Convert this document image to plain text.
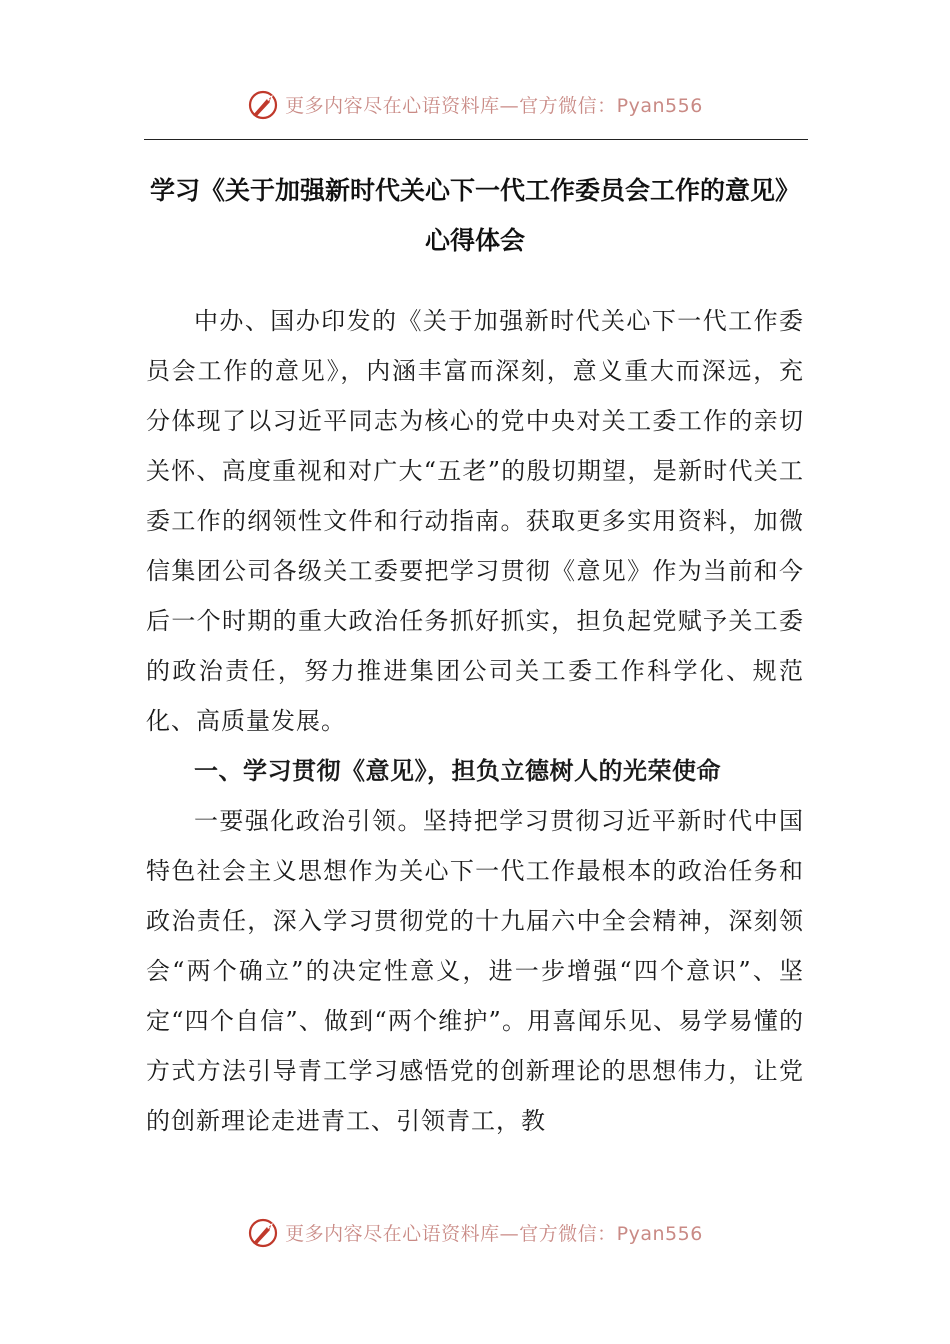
更多内容尽在心语资料库—官方微信：Pyan556
学习《关于加强新时代关心下一代工作委员会工作的意见》心得体会

中办、国办印发的《关于加强新时代关心下一代工作委员会工作的意见》，内涵丰富而深刻，意义重大而深远，充分体现了以习近平同志为核心的党中央对关工委工作的亲切关怀、高度重视和对广大“五老”的殷切期望，是新时代关工委工作的纲领性文件和行动指南。获取更多实用资料，加微信集团公司各级关工委要把学习贯彻《意见》作为当前和今后一个时期的重大政治任务抓好抓实，担负起党赋予关工委的政治责任，努力推进集团公司关工委工作科学化、规范化、高质量发展。

一、学习贯彻《意见》，担负立德树人的光荣使命

一要强化政治引领。坚持把学习贯彻习近平新时代中国特色社会主义思想作为关心下一代工作最根本的政治任务和政治责任，深入学习贯彻党的十九届六中全会精神，深刻领会“两个确立”的决定性意义，进一步增强“四个意识”、坚定“四个自信”、做到“两个维护”。用喜闻乐见、易学易懂的方式方法引导青工学习感悟党的创新理论的思想伟力，让党的创新理论走进青工、引领青工，教

更多内容尽在心语资料库—官方微信：Pyan556
